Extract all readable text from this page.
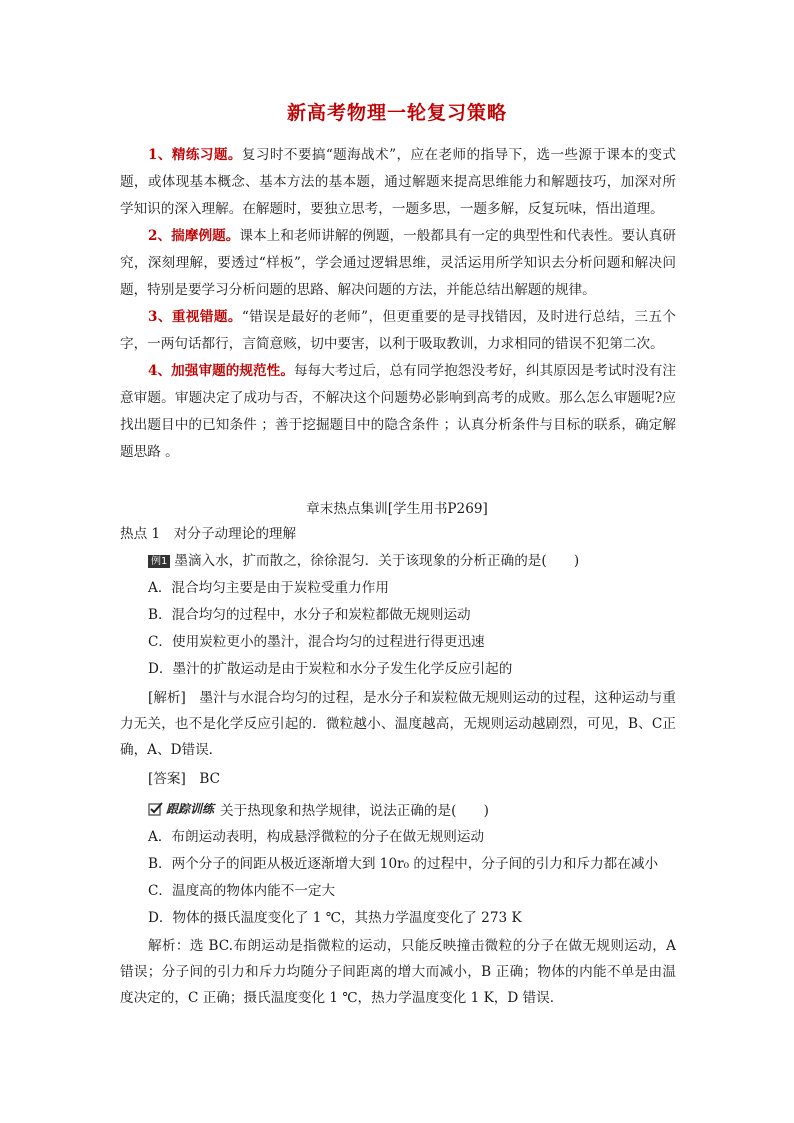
新高考物理一轮复习策略
1、精练习题。复习时不要搞“题海战术”，应在老师的指导下，选一些源于课本的变式题，或体现基本概念、基本方法的基本题，通过解题来提高思维能力和解题技巧，加深对所学知识的深入理解。在解题时，要独立思考，一题多思，一题多解，反复玩味，悟出道理。
2、揣摩例题。课本上和老师讲解的例题，一般都具有一定的典型性和代表性。要认真研究，深刻理解，要透过“样板”，学会通过逻辑思维，灵活运用所学知识去分析问题和解决问题，特别是要学习分析问题的思路、解决问题的方法，并能总结出解题的规律。
3、重视错题。“错误是最好的老师”，但更重要的是寻找错因，及时进行总结，三五个字，一两句话都行，言简意赅，切中要害，以利于吸取教训，力求相同的错误不犯第二次。
4、加强审题的规范性。每每大考过后，总有同学抱怨没考好，纠其原因是考试时没有注意审题。审题决定了成功与否，不解决这个问题势必影响到高考的成败。那么怎么审题呢?应找出题目中的已知条件 ；善于挖掘题目中的隐含条件 ；认真分析条件与目标的联系，确定解题思路 。
章末热点集训[学生用书P269]
热点 1　对分子动理论的理解
例1 墨滴入水，扩而散之，徐徐混匀．关于该现象的分析正确的是(　　)
A．混合均匀主要是由于炭粒受重力作用
B．混合均匀的过程中，水分子和炭粒都做无规则运动
C．使用炭粒更小的墨汁，混合均匀的过程进行得更迅速
D．墨汁的扩散运动是由于炭粒和水分子发生化学反应引起的
[解析]　墨汁与水混合均匀的过程，是水分子和炭粒做无规则运动的过程，这种运动与重力无关，也不是化学反应引起的．微粒越小、温度越高，无规则运动越剧烈，可见，B、C正确，A、D错误．
[答案]　BC
跟踪训练 关于热现象和热学规律，说法正确的是(　　)
A．布朗运动表明，构成悬浮微粒的分子在做无规则运动
B．两个分子的间距从极近逐渐增大到 10r₀ 的过程中，分子间的引力和斥力都在减小
C．温度高的物体内能不一定大
D．物体的摄氏温度变化了 1 ℃，其热力学温度变化了 273 K
解析：选 BC.布朗运动是指微粒的运动，只能反映撞击微粒的分子在做无规则运动，A 错误；分子间的引力和斥力均随分子间距离的增大而减小，B 正确；物体的内能不单是由温度决定的，C 正确；摄氏温度变化 1 ℃，热力学温度变化 1 K，D 错误．
